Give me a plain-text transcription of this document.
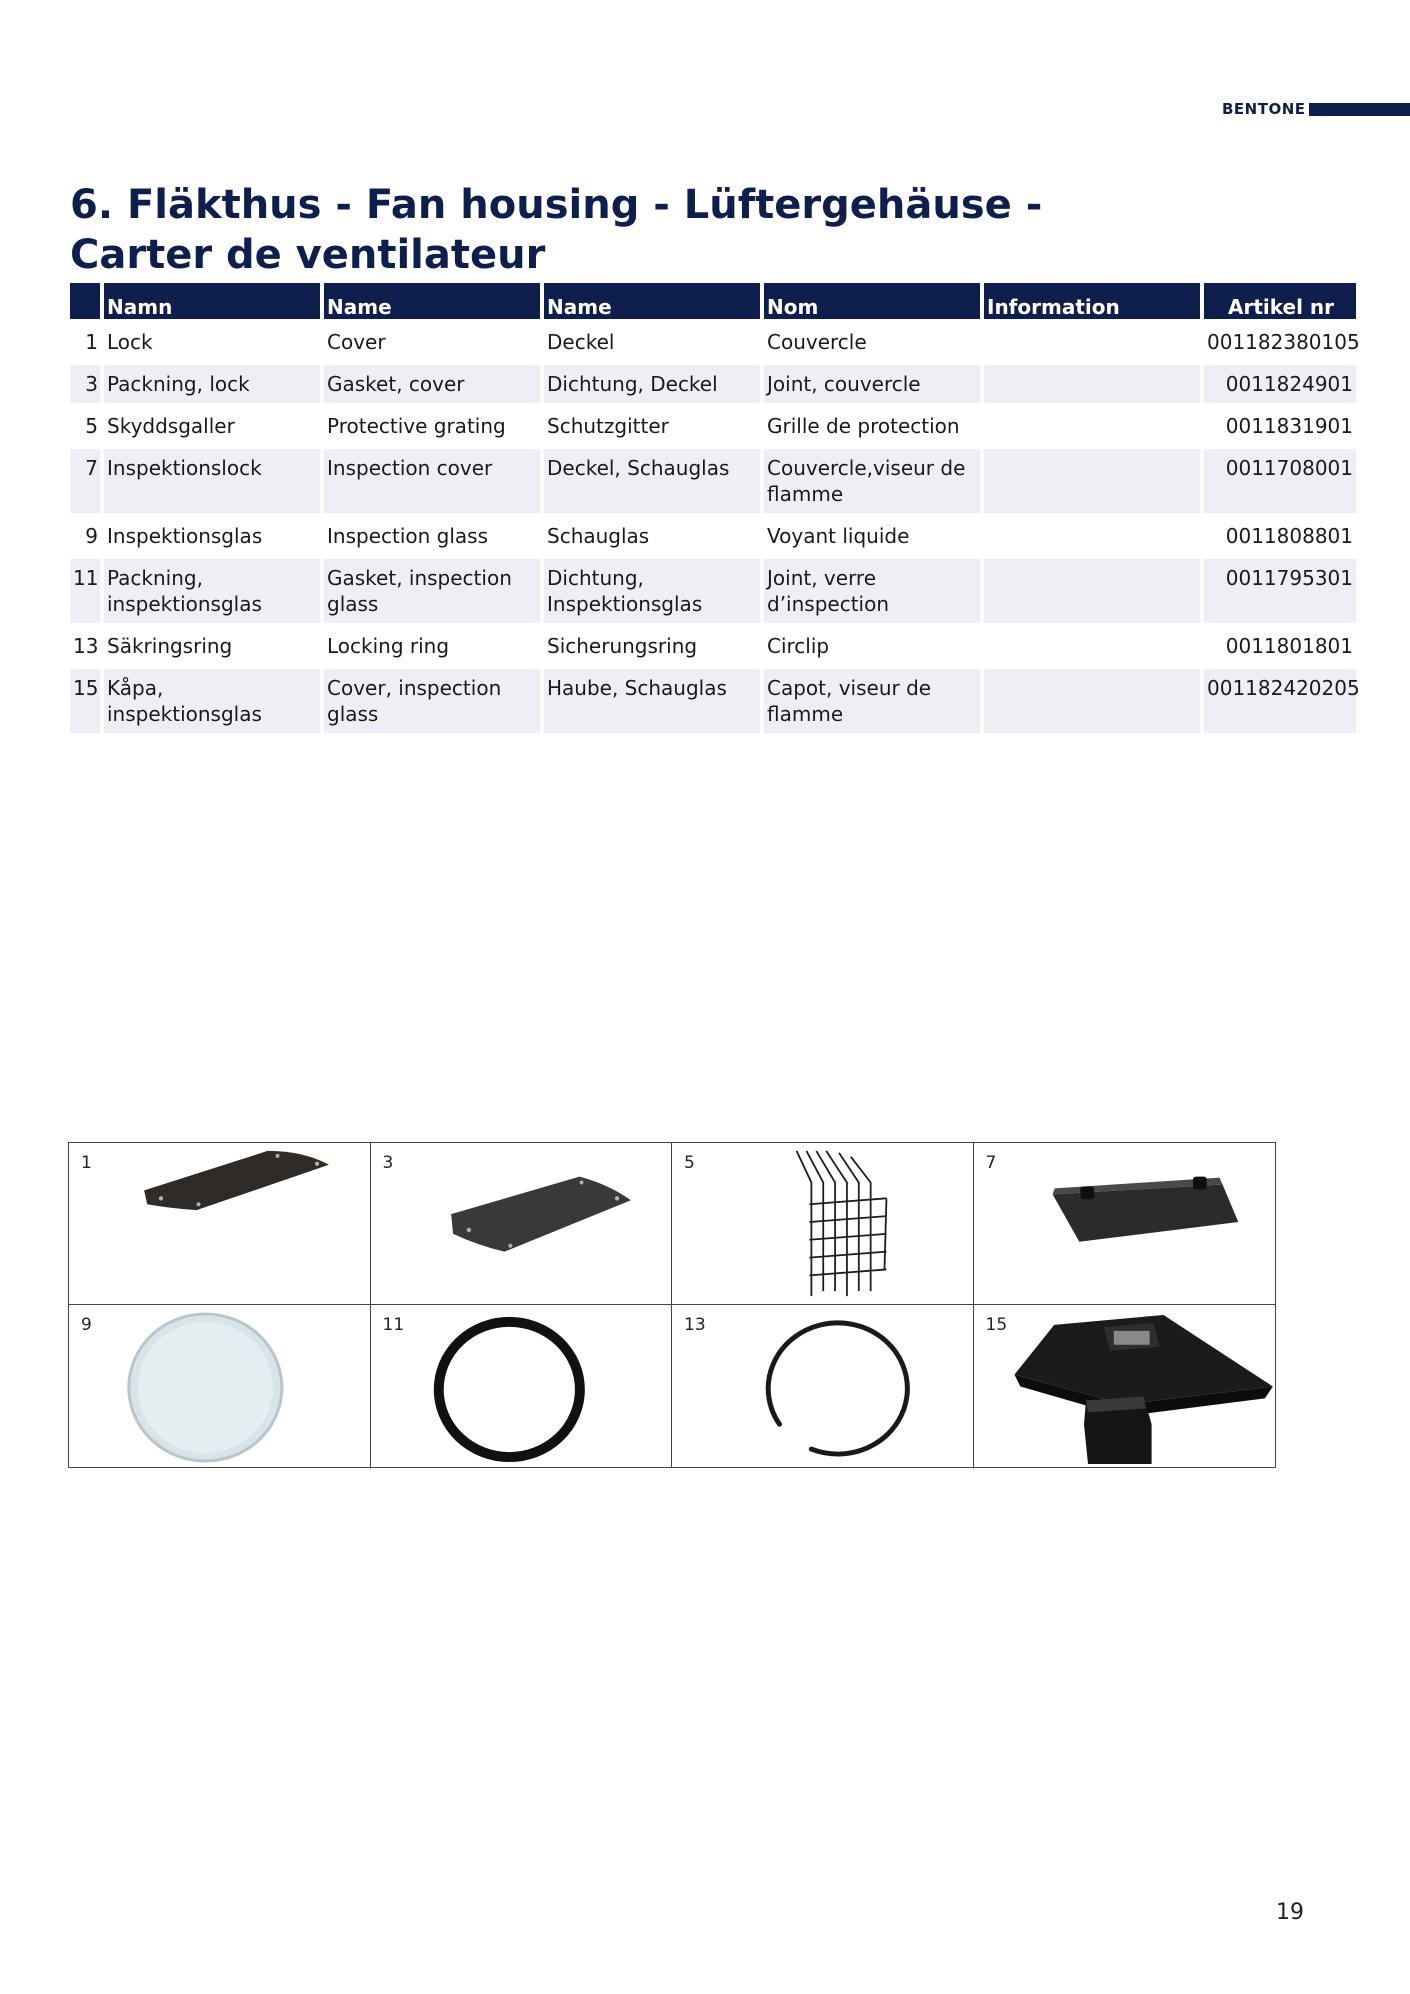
BENTONE
6. Fläkthus - Fan housing - Lüftergehäuse - Carter de ventilateur
	Namn	Name	Name	Nom	Information	Artikel nr
1	Lock	Cover	Deckel	Couvercle		001182380105
3	Packning, lock	Gasket, cover	Dichtung, Deckel	Joint, couvercle		0011824901
5	Skyddsgaller	Protective grating	Schutzgitter	Grille de protection		0011831901
7	Inspektionslock	Inspection cover	Deckel, Schauglas	Couvercle,viseur de flamme		0011708001
9	Inspektionsglas	Inspection glass	Schauglas	Voyant liquide		0011808801
11	Packning, inspektionsglas	Gasket, inspection glass	Dichtung, Inspektionsglas	Joint, verre d’inspection		0011795301
13	Säkringsring	Locking ring	Sicherungsring	Circlip		0011801801
15	Kåpa, inspektionsglas	Cover, inspection glass	Haube, Schauglas	Capot, viseur de flamme		001182420205
1	3	5	7
9	11	13	15
19
